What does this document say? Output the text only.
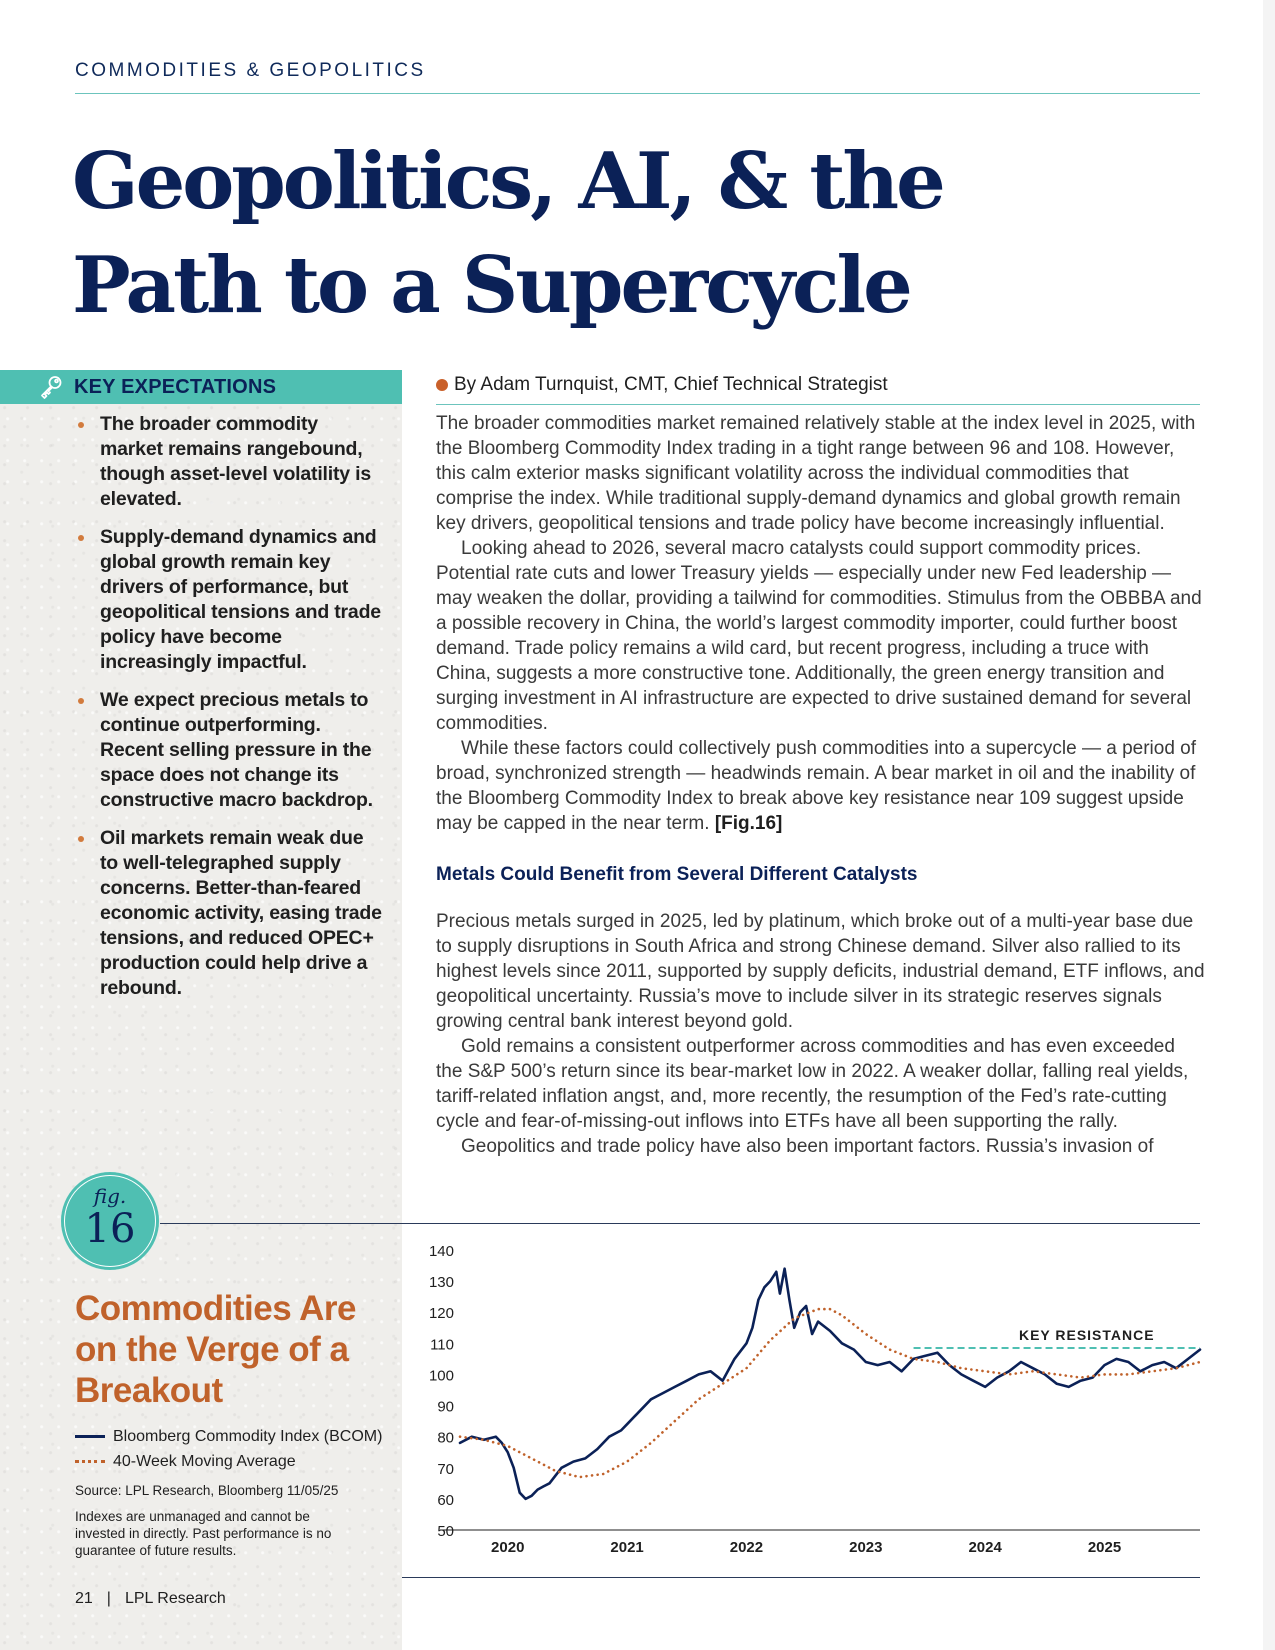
COMMODITIES & GEOPOLITICS
Geopolitics, AI, & the
Path to a Supercycle
KEY EXPECTATIONS
The broader commodity market remains rangebound, though asset-level volatility is elevated.
Supply-demand dynamics and global growth remain key drivers of performance, but geopolitical tensions and trade policy have become increasingly impactful.
We expect precious metals to continue outperforming. Recent selling pressure in the space does not change its constructive macro backdrop.
Oil markets remain weak due to well-telegraphed supply concerns. Better-than-feared economic activity, easing trade tensions, and reduced OPEC+ production could help drive a rebound.
By Adam Turnquist, CMT, Chief Technical Strategist

The broader commodities market remained relatively stable at the index level in 2025, with the Bloomberg Commodity Index trading in a tight range between 96 and 108. However, this calm exterior masks significant volatility across the individual commodities that comprise the index. While traditional supply-demand dynamics and global growth remain key drivers, geopolitical tensions and trade policy have become increasingly influential.

Looking ahead to 2026, several macro catalysts could support commodity prices. Potential rate cuts and lower Treasury yields — especially under new Fed leadership — may weaken the dollar, providing a tailwind for commodities. Stimulus from the OBBBA and a possible recovery in China, the world’s largest commodity importer, could further boost demand. Trade policy remains a wild card, but recent progress, including a truce with China, suggests a more constructive tone. Additionally, the green energy transition and surging investment in AI infrastructure are expected to drive sustained demand for several commodities.

While these factors could collectively push commodities into a supercycle — a period of broad, synchronized strength — headwinds remain. A bear market in oil and the inability of the Bloomberg Commodity Index to break above key resistance near 109 suggest upside may be capped in the near term. [Fig.16]

Metals Could Benefit from Several Different Catalysts

Precious metals surged in 2025, led by platinum, which broke out of a multi-year base due to supply disruptions in South Africa and strong Chinese demand. Silver also rallied to its highest levels since 2011, supported by supply deficits, industrial demand, ETF inflows, and geopolitical uncertainty. Russia’s move to include silver in its strategic reserves signals growing central bank interest beyond gold.

Gold remains a consistent outperformer across commodities and has even exceeded the S&P 500’s return since its bear-market low in 2022. A weaker dollar, falling real yields, tariff-related inflation angst, and, more recently, the resumption of the Fed’s rate-cutting cycle and fear-of-missing-out inflows into ETFs have all been supporting the rally.

Geopolitics and trade policy have also been important factors. Russia’s invasion of

fig.
16
Commodities Are on the Verge of a Breakout
Bloomberg Commodity Index (BCOM)
40-Week Moving Average
Source: LPL Research, Bloomberg 11/05/25
Indexes are unmanaged and cannot be invested in directly. Past performance is no guarantee of future results.
50
60
70
80
90
100
110
120
130
140
2020	2021	2022	2023	2024	2025
KEY RESISTANCE
21 | LPL Research
